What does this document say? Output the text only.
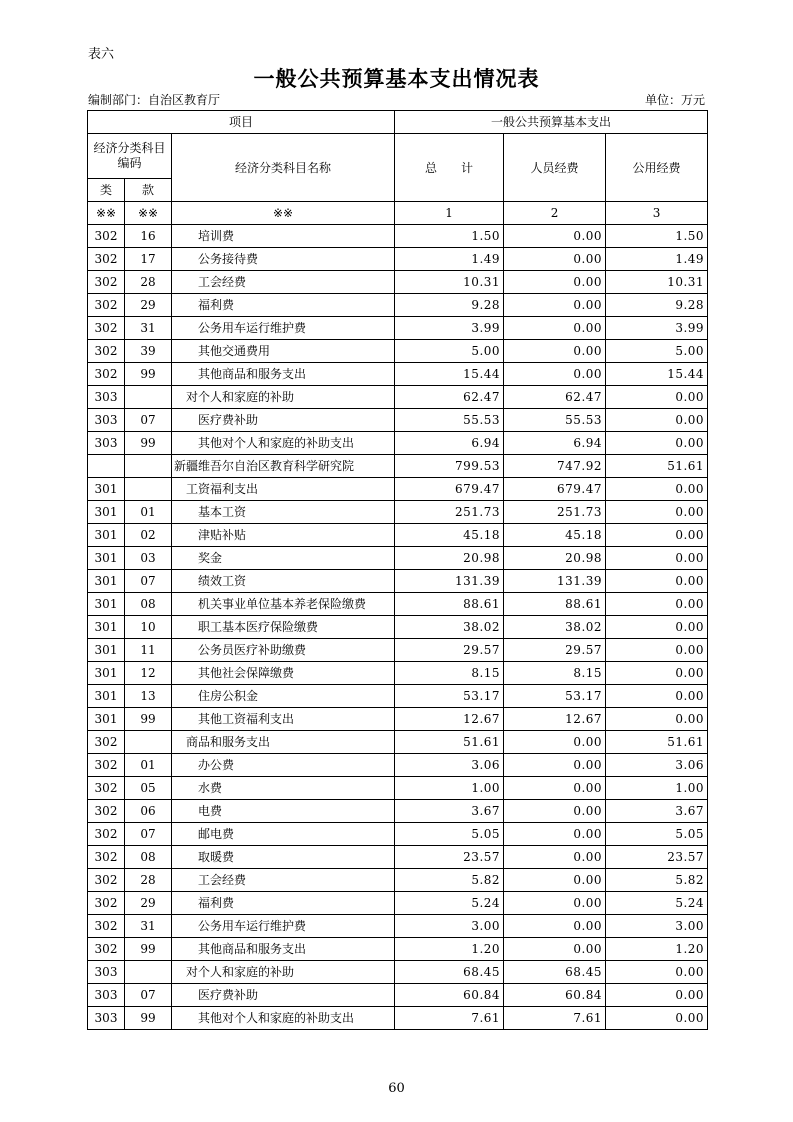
表六
一般公共预算基本支出情况表
编制部门：自治区教育厅	单位：万元
项目			一般公共预算基本支出		
经济分类科目编码		经济分类科目名称	总　　计	人员经费	公用经费
类	款				
※※	※※	※※	1	2	3
302	16	培训费	1.50	0.00	1.50
302	17	公务接待费	1.49	0.00	1.49
302	28	工会经费	10.31	0.00	10.31
302	29	福利费	9.28	0.00	9.28
302	31	公务用车运行维护费	3.99	0.00	3.99
302	39	其他交通费用	5.00	0.00	5.00
302	99	其他商品和服务支出	15.44	0.00	15.44
303		对个人和家庭的补助	62.47	62.47	0.00
303	07	医疗费补助	55.53	55.53	0.00
303	99	其他对个人和家庭的补助支出	6.94	6.94	0.00
		新疆维吾尔自治区教育科学研究院	799.53	747.92	51.61
301		工资福利支出	679.47	679.47	0.00
301	01	基本工资	251.73	251.73	0.00
301	02	津贴补贴	45.18	45.18	0.00
301	03	奖金	20.98	20.98	0.00
301	07	绩效工资	131.39	131.39	0.00
301	08	机关事业单位基本养老保险缴费	88.61	88.61	0.00
301	10	职工基本医疗保险缴费	38.02	38.02	0.00
301	11	公务员医疗补助缴费	29.57	29.57	0.00
301	12	其他社会保障缴费	8.15	8.15	0.00
301	13	住房公积金	53.17	53.17	0.00
301	99	其他工资福利支出	12.67	12.67	0.00
302		商品和服务支出	51.61	0.00	51.61
302	01	办公费	3.06	0.00	3.06
302	05	水费	1.00	0.00	1.00
302	06	电费	3.67	0.00	3.67
302	07	邮电费	5.05	0.00	5.05
302	08	取暖费	23.57	0.00	23.57
302	28	工会经费	5.82	0.00	5.82
302	29	福利费	5.24	0.00	5.24
302	31	公务用车运行维护费	3.00	0.00	3.00
302	99	其他商品和服务支出	1.20	0.00	1.20
303		对个人和家庭的补助	68.45	68.45	0.00
303	07	医疗费补助	60.84	60.84	0.00
303	99	其他对个人和家庭的补助支出	7.61	7.61	0.00
60
